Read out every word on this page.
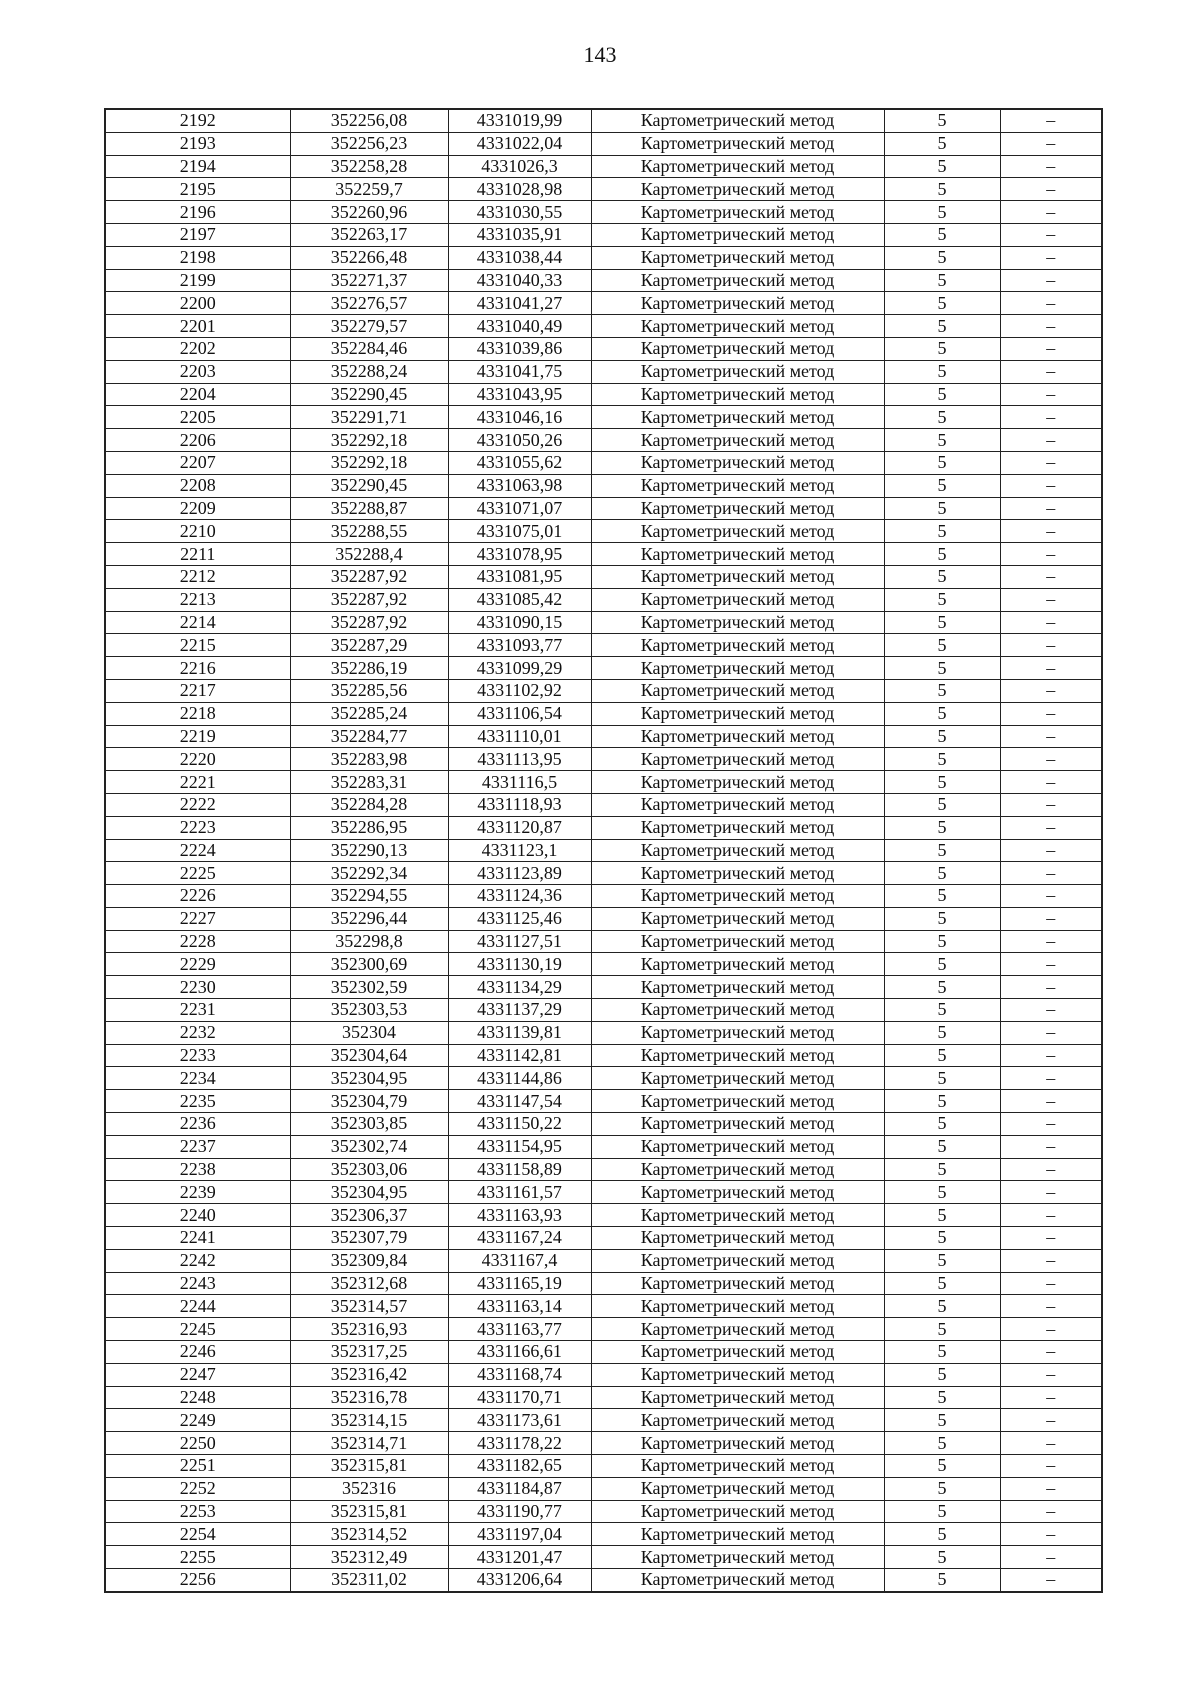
143
2192	352256,08	4331019,99	Картометрический метод	5	–
2193	352256,23	4331022,04	Картометрический метод	5	–
2194	352258,28	4331026,3	Картометрический метод	5	–
2195	352259,7	4331028,98	Картометрический метод	5	–
2196	352260,96	4331030,55	Картометрический метод	5	–
2197	352263,17	4331035,91	Картометрический метод	5	–
2198	352266,48	4331038,44	Картометрический метод	5	–
2199	352271,37	4331040,33	Картометрический метод	5	–
2200	352276,57	4331041,27	Картометрический метод	5	–
2201	352279,57	4331040,49	Картометрический метод	5	–
2202	352284,46	4331039,86	Картометрический метод	5	–
2203	352288,24	4331041,75	Картометрический метод	5	–
2204	352290,45	4331043,95	Картометрический метод	5	–
2205	352291,71	4331046,16	Картометрический метод	5	–
2206	352292,18	4331050,26	Картометрический метод	5	–
2207	352292,18	4331055,62	Картометрический метод	5	–
2208	352290,45	4331063,98	Картометрический метод	5	–
2209	352288,87	4331071,07	Картометрический метод	5	–
2210	352288,55	4331075,01	Картометрический метод	5	–
2211	352288,4	4331078,95	Картометрический метод	5	–
2212	352287,92	4331081,95	Картометрический метод	5	–
2213	352287,92	4331085,42	Картометрический метод	5	–
2214	352287,92	4331090,15	Картометрический метод	5	–
2215	352287,29	4331093,77	Картометрический метод	5	–
2216	352286,19	4331099,29	Картометрический метод	5	–
2217	352285,56	4331102,92	Картометрический метод	5	–
2218	352285,24	4331106,54	Картометрический метод	5	–
2219	352284,77	4331110,01	Картометрический метод	5	–
2220	352283,98	4331113,95	Картометрический метод	5	–
2221	352283,31	4331116,5	Картометрический метод	5	–
2222	352284,28	4331118,93	Картометрический метод	5	–
2223	352286,95	4331120,87	Картометрический метод	5	–
2224	352290,13	4331123,1	Картометрический метод	5	–
2225	352292,34	4331123,89	Картометрический метод	5	–
2226	352294,55	4331124,36	Картометрический метод	5	–
2227	352296,44	4331125,46	Картометрический метод	5	–
2228	352298,8	4331127,51	Картометрический метод	5	–
2229	352300,69	4331130,19	Картометрический метод	5	–
2230	352302,59	4331134,29	Картометрический метод	5	–
2231	352303,53	4331137,29	Картометрический метод	5	–
2232	352304	4331139,81	Картометрический метод	5	–
2233	352304,64	4331142,81	Картометрический метод	5	–
2234	352304,95	4331144,86	Картометрический метод	5	–
2235	352304,79	4331147,54	Картометрический метод	5	–
2236	352303,85	4331150,22	Картометрический метод	5	–
2237	352302,74	4331154,95	Картометрический метод	5	–
2238	352303,06	4331158,89	Картометрический метод	5	–
2239	352304,95	4331161,57	Картометрический метод	5	–
2240	352306,37	4331163,93	Картометрический метод	5	–
2241	352307,79	4331167,24	Картометрический метод	5	–
2242	352309,84	4331167,4	Картометрический метод	5	–
2243	352312,68	4331165,19	Картометрический метод	5	–
2244	352314,57	4331163,14	Картометрический метод	5	–
2245	352316,93	4331163,77	Картометрический метод	5	–
2246	352317,25	4331166,61	Картометрический метод	5	–
2247	352316,42	4331168,74	Картометрический метод	5	–
2248	352316,78	4331170,71	Картометрический метод	5	–
2249	352314,15	4331173,61	Картометрический метод	5	–
2250	352314,71	4331178,22	Картометрический метод	5	–
2251	352315,81	4331182,65	Картометрический метод	5	–
2252	352316	4331184,87	Картометрический метод	5	–
2253	352315,81	4331190,77	Картометрический метод	5	–
2254	352314,52	4331197,04	Картометрический метод	5	–
2255	352312,49	4331201,47	Картометрический метод	5	–
2256	352311,02	4331206,64	Картометрический метод	5	–
